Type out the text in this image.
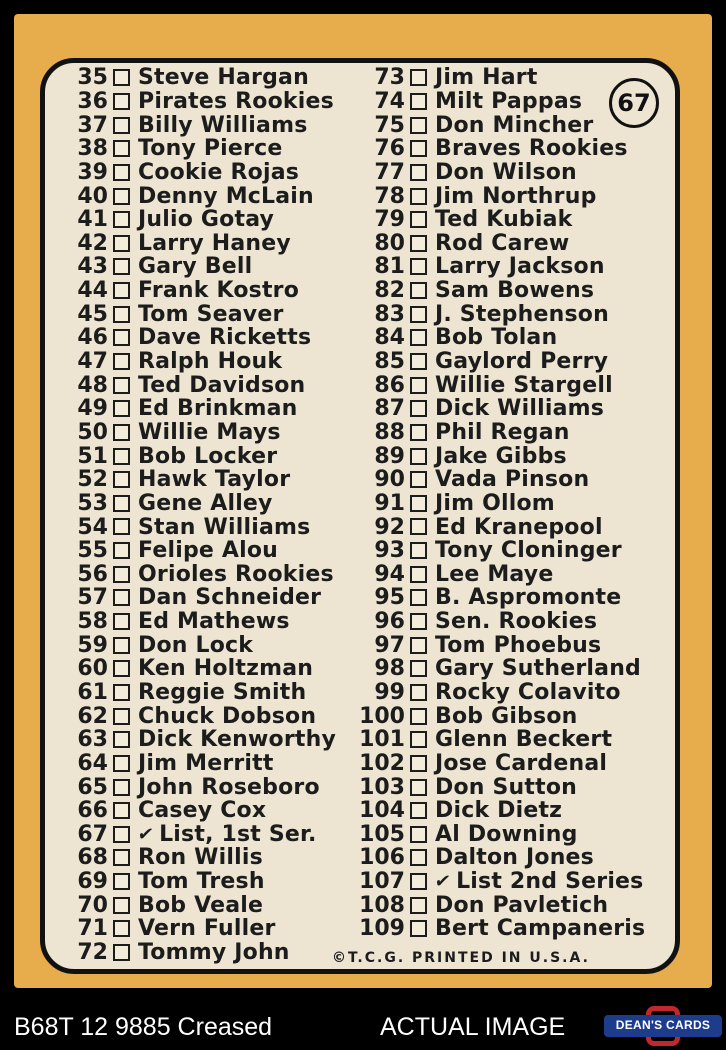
67
35 Steve Hargan
36 Pirates Rookies
37 Billy Williams
38 Tony Pierce
39 Cookie Rojas
40 Denny McLain
41 Julio Gotay
42 Larry Haney
43 Gary Bell
44 Frank Kostro
45 Tom Seaver
46 Dave Ricketts
47 Ralph Houk
48 Ted Davidson
49 Ed Brinkman
50 Willie Mays
51 Bob Locker
52 Hawk Taylor
53 Gene Alley
54 Stan Williams
55 Felipe Alou
56 Orioles Rookies
57 Dan Schneider
58 Ed Mathews
59 Don Lock
60 Ken Holtzman
61 Reggie Smith
62 Chuck Dobson
63 Dick Kenworthy
64 Jim Merritt
65 John Roseboro
66 Casey Cox
67 ✔ List, 1st Ser.
68 Ron Willis
69 Tom Tresh
70 Bob Veale
71 Vern Fuller
72 Tommy John
73 Jim Hart
74 Milt Pappas
75 Don Mincher
76 Braves Rookies
77 Don Wilson
78 Jim Northrup
79 Ted Kubiak
80 Rod Carew
81 Larry Jackson
82 Sam Bowens
83 J. Stephenson
84 Bob Tolan
85 Gaylord Perry
86 Willie Stargell
87 Dick Williams
88 Phil Regan
89 Jake Gibbs
90 Vada Pinson
91 Jim Ollom
92 Ed Kranepool
93 Tony Cloninger
94 Lee Maye
95 B. Aspromonte
96 Sen. Rookies
97 Tom Phoebus
98 Gary Sutherland
99 Rocky Colavito
100 Bob Gibson
101 Glenn Beckert
102 Jose Cardenal
103 Don Sutton
104 Dick Dietz
105 Al Downing
106 Dalton Jones
107 ✔ List 2nd Series
108 Don Pavletich
109 Bert Campaneris
©T.C.G. PRINTED IN U.S.A.
B68T 12 9885 Creased	ACTUAL IMAGE	DEAN'S CARDS
